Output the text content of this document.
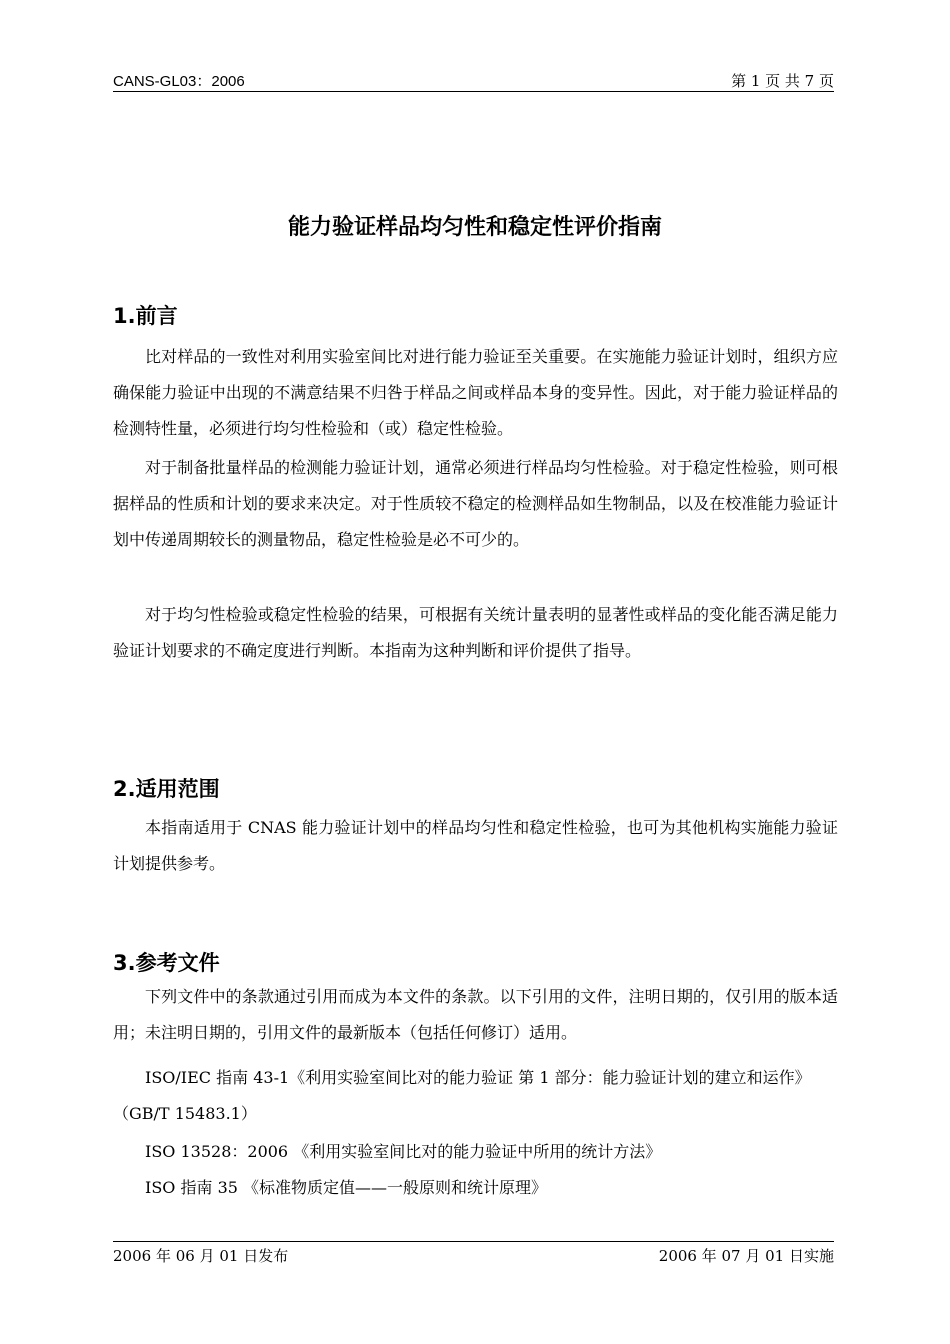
CANS-GL03：2006	第 1 页 共 7 页
能力验证样品均匀性和稳定性评价指南
1.前言

比对样品的一致性对利用实验室间比对进行能力验证至关重要。在实施能力验证计划时，组织方应确保能力验证中出现的不满意结果不归咎于样品之间或样品本身的变异性。因此，对于能力验证样品的检测特性量，必须进行均匀性检验和（或）稳定性检验。

对于制备批量样品的检测能力验证计划，通常必须进行样品均匀性检验。对于稳定性检验，则可根据样品的性质和计划的要求来决定。对于性质较不稳定的检测样品如生物制品，以及在校准能力验证计划中传递周期较长的测量物品，稳定性检验是必不可少的。

对于均匀性检验或稳定性检验的结果，可根据有关统计量表明的显著性或样品的变化能否满足能力验证计划要求的不确定度进行判断。本指南为这种判断和评价提供了指导。

2.适用范围

本指南适用于 CNAS 能力验证计划中的样品均匀性和稳定性检验，也可为其他机构实施能力验证计划提供参考。

3.参考文件

下列文件中的条款通过引用而成为本文件的条款。以下引用的文件，注明日期的，仅引用的版本适用；未注明日期的，引用文件的最新版本（包括任何修订）适用。

ISO/IEC 指南 43-1《利用实验室间比对的能力验证 第 1 部分：能力验证计划的建立和运作》（GB/T 15483.1）

ISO 13528：2006 《利用实验室间比对的能力验证中所用的统计方法》

ISO 指南 35 《标准物质定值——一般原则和统计原理》

2006 年 06 月 01 日发布	2006 年 07 月 01 日实施
